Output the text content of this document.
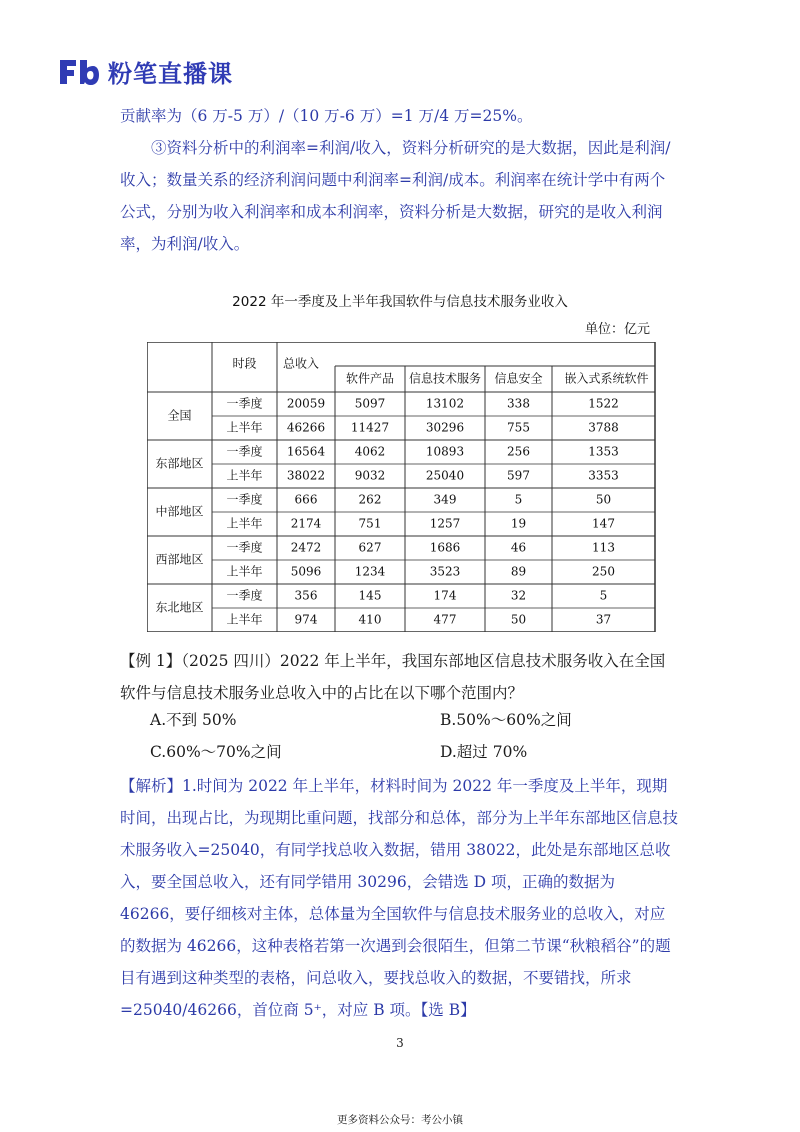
粉笔直播课
贡献率为（6 万-5 万）/（10 万-6 万）=1 万/4 万=25%。
③资料分析中的利润率=利润/收入，资料分析研究的是大数据，因此是利润/收入；数量关系的经济利润问题中利润率=利润/成本。利润率在统计学中有两个公式，分别为收入利润率和成本利润率，资料分析是大数据，研究的是收入利润率，为利润/收入。
2022 年一季度及上半年我国软件与信息技术服务业收入
单位：亿元
时段 总收入
软件产品 信息技术服务 信息安全 嵌入式系统软件
全国
一季度 20059 5097	13102	338	1522
上半年 46266 11427	30296	755	3788
东部地区
一季度 16564 4062	10893	256	1353
上半年 38022 9032	25040	597	3353
中部地区
一季度	666	262	349	5	50
上半年 2174	751	1257	19	147
西部地区
一季度 2472	627	1686	46	113
上半年 5096	1234	3523	89	250
东北地区
一季度	356	145	174	32	5
上半年	974	410	477	50	37
【例 1】（2025 四川）2022 年上半年，我国东部地区信息技术服务收入在全国软件与信息技术服务业总收入中的占比在以下哪个范围内？
A.不到 50%	B.50%～60%之间
C.60%～70%之间	D.超过 70%
【解析】1.时间为 2022 年上半年，材料时间为 2022 年一季度及上半年，现期时间，出现占比，为现期比重问题，找部分和总体，部分为上半年东部地区信息技术服务收入=25040，有同学找总收入数据，错用 38022，此处是东部地区总收入，要全国总收入，还有同学错用 30296，会错选 D 项，正确的数据为 46266，要仔细核对主体，总体量为全国软件与信息技术服务业的总收入，对应的数据为 46266，这种表格若第一次遇到会很陌生，但第二节课“秋粮稻谷”的题目有遇到这种类型的表格，问总收入，要找总收入的数据，不要错找，所求=25040/46266，首位商 5⁺，对应 B 项。【选 B】
3
更多资料公众号：考公小镇
